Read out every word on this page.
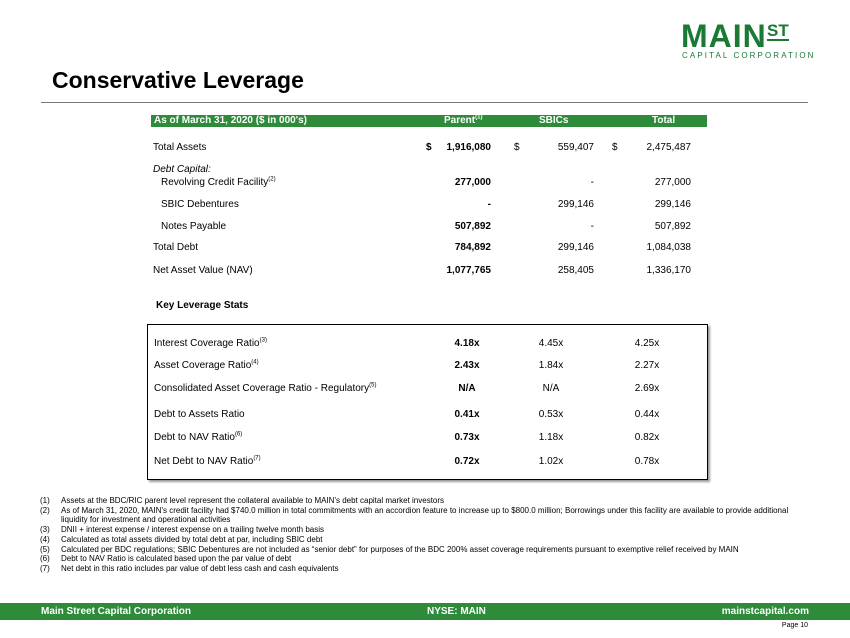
MAIN ST
CAPITAL CORPORATION
Conservative Leverage
As of March 31, 2020 ($ in 000's)	Parent$^{(1)}$	SBICs	Total
Total Assets	$ 1,916,080 $	559,407 $	2,475,487
Debt Capital:
Revolving Credit Facility$^{(2)}$	277,000	-	277,000
SBIC Debentures	-	299,146	299,146
Notes Payable	507,892	-	507,892
Total Debt	784,892	299,146	1,084,038
Net Asset Value (NAV)	1,077,765	258,405	1,336,170
Key Leverage Stats
Interest Coverage Ratio$^{(3)}$	4.18x	4.45x	4.25x
Asset Coverage Ratio$^{(4)}$	2.43x	1.84x	2.27x
Consolidated Asset Coverage Ratio - Regulatory$^{(5)}$	N/A	N/A	2.69x
Debt to Assets Ratio	0.41x	0.53x	0.44x
Debt to NAV Ratio$^{(6)}$	0.73x	1.18x	0.82x
Net Debt to NAV Ratio$^{(7)}$	0.72x	1.02x	0.78x
(1) Assets at the BDC/RIC parent level represent the collateral available to MAIN's debt capital market investors
(2) As of March 31, 2020, MAIN's credit facility had $740.0 million in total commitments with an accordion feature to increase up to $800.0 million; Borrowings under this facility are available to provide additional liquidity for investment and operational activities
(3) DNII + interest expense / interest expense on a trailing twelve month basis
(4) Calculated as total assets divided by total debt at par, including SBIC debt
(5) Calculated per BDC regulations; SBIC Debentures are not included as “senior debt” for purposes of the BDC 200% asset coverage requirements pursuant to exemptive relief received by MAIN
(6) Debt to NAV Ratio is calculated based upon the par value of debt
(7) Net debt in this ratio includes par value of debt less cash and cash equivalents
Main Street Capital Corporation	NYSE: MAIN	mainstcapital.com
Page 10
